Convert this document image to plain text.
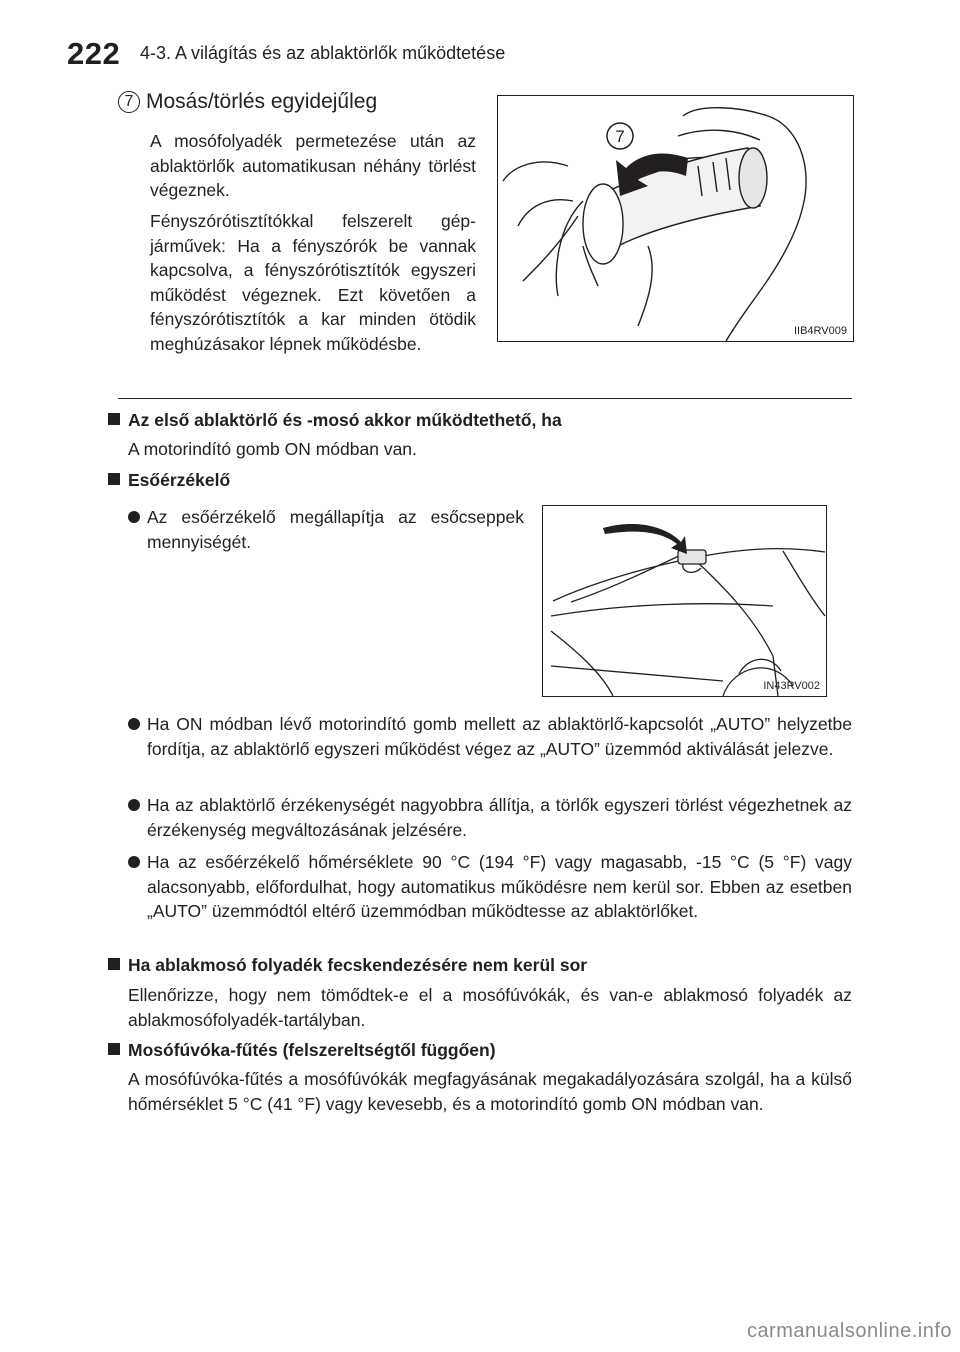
222 4-3. A világítás és az ablaktörlők működtetése
7 Mosás/törlés egyidejűleg
A mosófolyadék permetezése után az ablaktörlők automatikusan néhány törlést végeznek.
Fényszórótisztítókkal felszerelt gépjárművek: Ha a fényszórók be vannak kapcsolva, a fényszórótisztítók egyszeri működést végeznek. Ezt követően a fényszórótisztítók a kar minden ötödik meghúzásakor lépnek működésbe.
7
IIB4RV009
Az első ablaktörlő és -mosó akkor működtethető, ha
A motorindító gomb ON módban van.
Esőérzékelő
Az esőérzékelő megállapítja az esőcseppek mennyiségét.
IN43RV002
Ha ON módban lévő motorindító gomb mellett az ablaktörlő-kapcsolót „AUTO” helyzetbe fordítja, az ablaktörlő egyszeri működést végez az „AUTO” üzemmód aktiválását jelezve.
Ha az ablaktörlő érzékenységét nagyobbra állítja, a törlők egyszeri törlést végezhetnek az érzékenység megváltozásának jelzésére.
Ha az esőérzékelő hőmérséklete 90 °C (194 °F) vagy magasabb, -15 °C (5 °F) vagy alacsonyabb, előfordulhat, hogy automatikus működésre nem kerül sor. Ebben az esetben „AUTO” üzemmódtól eltérő üzemmódban működtesse az ablaktörlőket.
Ha ablakmosó folyadék fecskendezésére nem kerül sor
Ellenőrizze, hogy nem tömődtek-e el a mosófúvókák, és van-e ablakmosó folyadék az ablakmosófolyadék-tartályban.
Mosófúvóka-fűtés (felszereltségtől függően)
A mosófúvóka-fűtés a mosófúvókák megfagyásának megakadályozására szolgál, ha a külső hőmérséklet 5 °C (41 °F) vagy kevesebb, és a motorindító gomb ON módban van.
carmanualsonline.info
